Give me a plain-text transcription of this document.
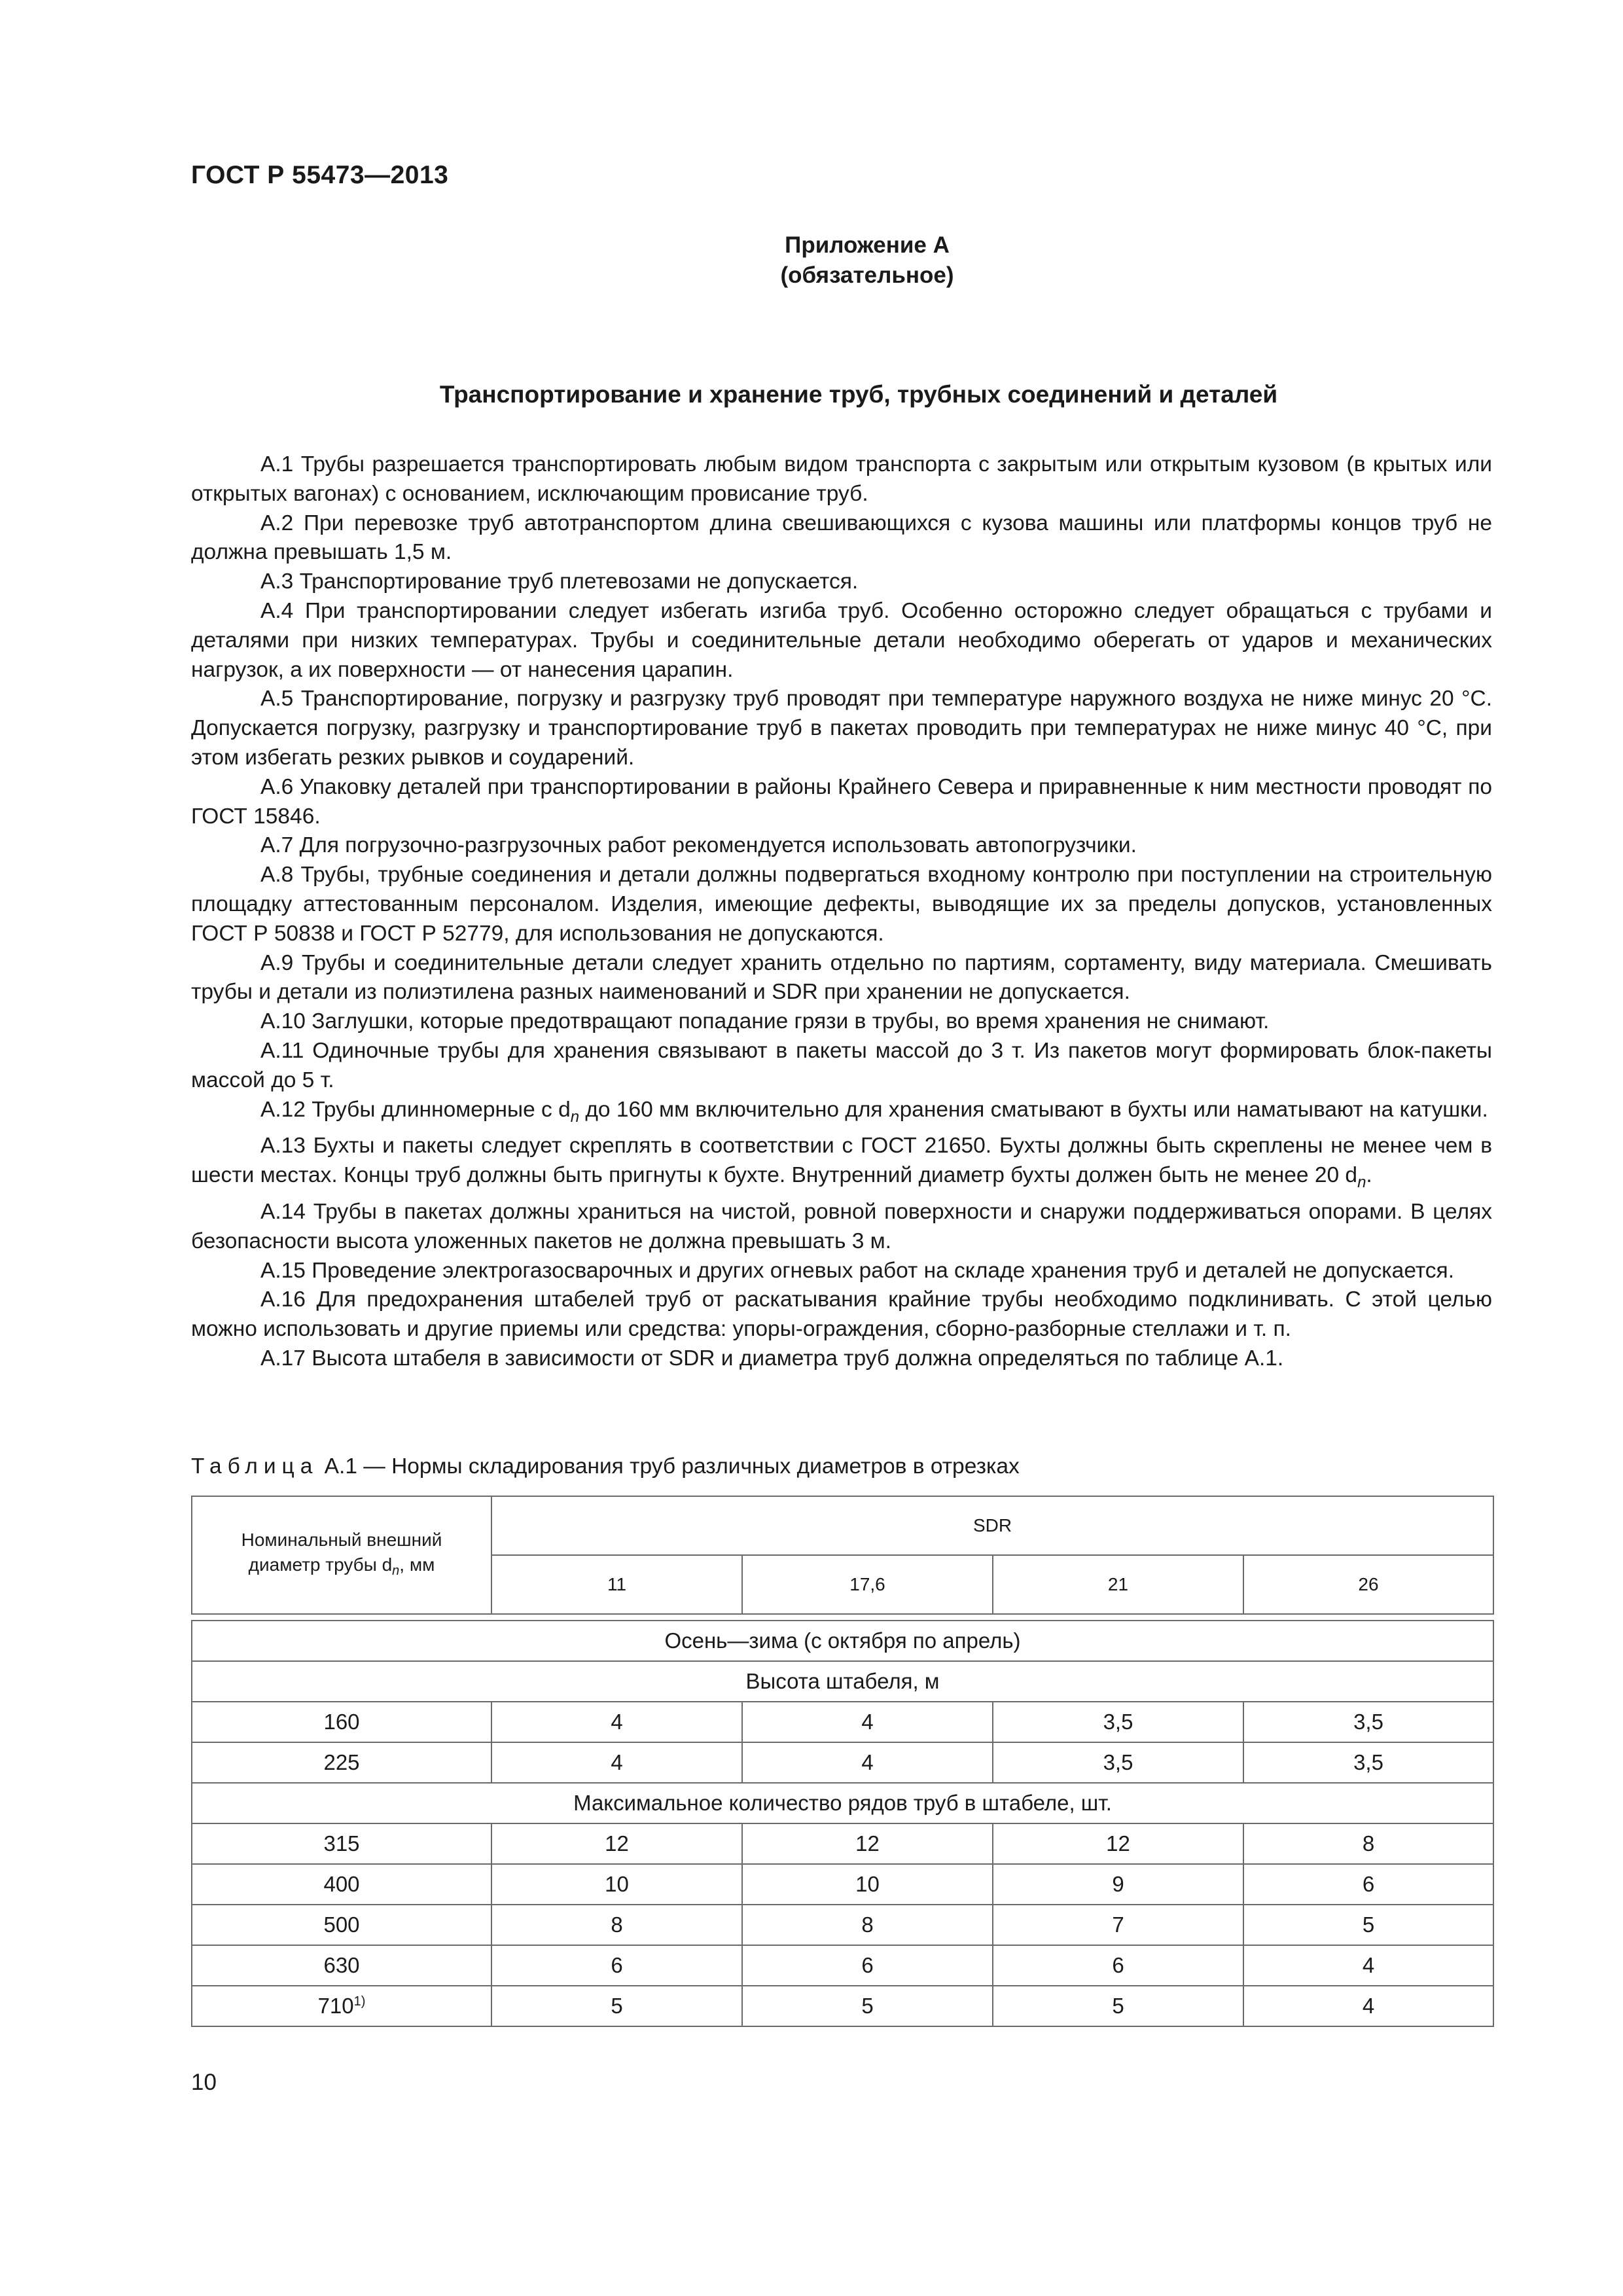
ГОСТ Р 55473—2013
Приложение А
(обязательное)
Транспортирование и хранение труб, трубных соединений и деталей

А.1 Трубы разрешается транспортировать любым видом транспорта с закрытым или открытым кузовом (в крытых или открытых вагонах) с основанием, исключающим провисание труб.

А.2 При перевозке труб автотранспортом длина свешивающихся с кузова машины или платформы концов труб не должна превышать 1,5 м.

А.3 Транспортирование труб плетевозами не допускается.

А.4 При транспортировании следует избегать изгиба труб. Особенно осторожно следует обращаться с трубами и деталями при низких температурах. Трубы и соединительные детали необходимо оберегать от ударов и механических нагрузок, а их поверхности — от нанесения царапин.

А.5 Транспортирование, погрузку и разгрузку труб проводят при температуре наружного воздуха не ниже минус 20 °С. Допускается погрузку, разгрузку и транспортирование труб в пакетах проводить при температурах не ниже минус 40 °С, при этом избегать резких рывков и соударений.

А.6 Упаковку деталей при транспортировании в районы Крайнего Севера и приравненные к ним местности проводят по ГОСТ 15846.

А.7 Для погрузочно-разгрузочных работ рекомендуется использовать автопогрузчики.

А.8 Трубы, трубные соединения и детали должны подвергаться входному контролю при поступлении на строительную площадку аттестованным персоналом. Изделия, имеющие дефекты, выводящие их за пределы допусков, установленных ГОСТ Р 50838 и ГОСТ Р 52779, для использования не допускаются.

А.9 Трубы и соединительные детали следует хранить отдельно по партиям, сортаменту, виду материала. Смешивать трубы и детали из полиэтилена разных наименований и SDR при хранении не допускается.

А.10 Заглушки, которые предотвращают попадание грязи в трубы, во время хранения не снимают.

А.11 Одиночные трубы для хранения связывают в пакеты массой до 3 т. Из пакетов могут формировать блок-пакеты массой до 5 т.

А.12 Трубы длинномерные с $d_n$ до 160 мм включительно для хранения сматывают в бухты или наматывают на катушки.

А.13 Бухты и пакеты следует скреплять в соответствии с ГОСТ 21650. Бухты должны быть скреплены не менее чем в шести местах. Концы труб должны быть пригнуты к бухте. Внутренний диаметр бухты должен быть не менее 20 $d_n$.

А.14 Трубы в пакетах должны храниться на чистой, ровной поверхности и снаружи поддерживаться опорами. В целях безопасности высота уложенных пакетов не должна превышать 3 м.

А.15 Проведение электрогазосварочных и других огневых работ на складе хранения труб и деталей не допускается.

А.16 Для предохранения штабелей труб от раскатывания крайние трубы необходимо подклинивать. С этой целью можно использовать и другие приемы или средства: упоры-ограждения, сборно-разборные стеллажи и т. п.

А.17 Высота штабеля в зависимости от SDR и диаметра труб должна определяться по таблице А.1.

Таблица А.1 — Нормы складирования труб различных диаметров в отрезках
Номинальный внешний
диаметр трубы $d_n$, мм	SDR			
	11	17,6	21	26

Осень—зима (с октября по апрель)				
Высота штабеля, м				
160	4	4	3,5	3,5
225	4	4	3,5	3,5
Максимальное количество рядов труб в штабеле, шт.				
315	12	12	12	8
400	10	10	9	6
500	8	8	7	5
630	6	6	6	4
710$^{1)}$	5	5	5	4
10
